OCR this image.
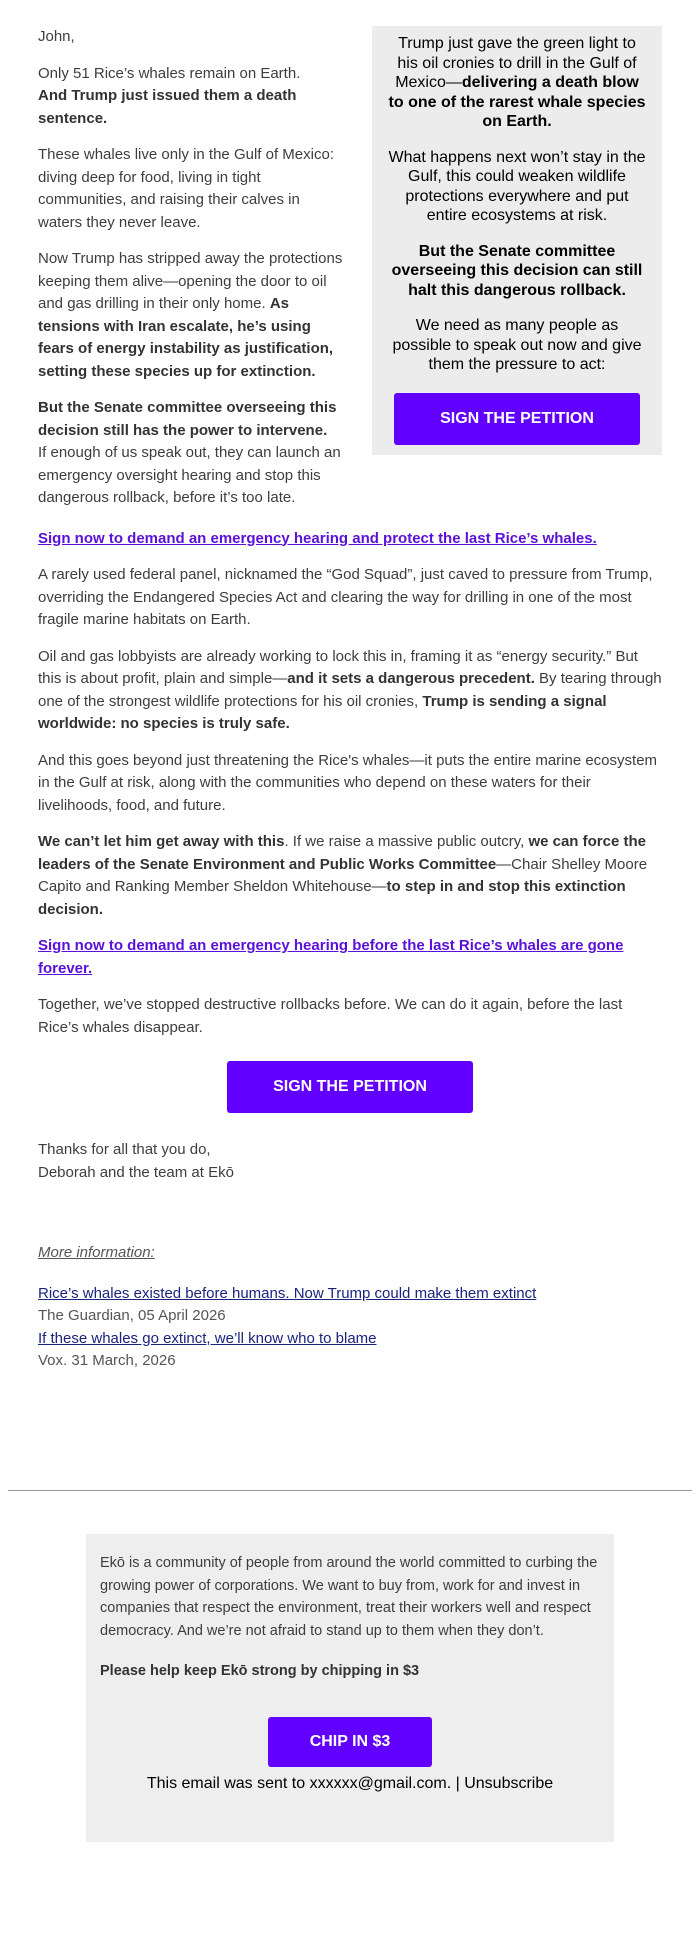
Trump just gave the green light to his oil cronies to drill in the Gulf of Mexico—delivering a death blow to one of the rarest whale species on Earth.

What happens next won’t stay in the Gulf, this could weaken wildlife protections everywhere and put entire ecosystems at risk.

But the Senate committee overseeing this decision can still halt this dangerous rollback.

We need as many people as possible to speak out now and give them the pressure to act:

SIGN THE PETITION

John,

Only 51 Rice’s whales remain on Earth.
And Trump just issued them a death sentence.

These whales live only in the Gulf of Mexico: diving deep for food, living in tight communities, and raising their calves in waters they never leave.

Now Trump has stripped away the protections keeping them alive—opening the door to oil and gas drilling in their only home. As tensions with Iran escalate, he’s using fears of energy instability as justification, setting these species up for extinction.

But the Senate committee overseeing this decision still has the power to intervene.
If enough of us speak out, they can launch an emergency oversight hearing and stop this dangerous rollback, before it’s too late.

Sign now to demand an emergency hearing and protect the last Rice’s whales.

A rarely used federal panel, nicknamed the “God Squad”, just caved to pressure from Trump, overriding the Endangered Species Act and clearing the way for drilling in one of the most fragile marine habitats on Earth.

Oil and gas lobbyists are already working to lock this in, framing it as “energy security.” But this is about profit, plain and simple—and it sets a dangerous precedent. By tearing through one of the strongest wildlife protections for his oil cronies, Trump is sending a signal worldwide: no species is truly safe.

And this goes beyond just threatening the Rice's whales—it puts the entire marine ecosystem in the Gulf at risk, along with the communities who depend on these waters for their livelihoods, food, and future.

We can’t let him get away with this. If we raise a massive public outcry, we can force the leaders of the Senate Environment and Public Works Committee—Chair Shelley Moore Capito and Ranking Member Sheldon Whitehouse—to step in and stop this extinction decision.

Sign now to demand an emergency hearing before the last Rice’s whales are gone forever.

Together, we’ve stopped destructive rollbacks before. We can do it again, before the last Rice’s whales disappear.

SIGN THE PETITION

Thanks for all that you do,

Deborah and the team at Ekō

More information:
Rice’s whales existed before humans. Now Trump could make them extinct
The Guardian, 05 April 2026
If these whales go extinct, we’ll know who to blame
Vox. 31 March, 2026

Ekō is a community of people from around the world committed to curbing the growing power of corporations. We want to buy from, work for and invest in companies that respect the environment, treat their workers well and respect democracy. And we’re not afraid to stand up to them when they don’t.

Please help keep Ekō strong by chipping in $3

CHIP IN $3
This email was sent to xxxxxx@gmail.com. | Unsubscribe
